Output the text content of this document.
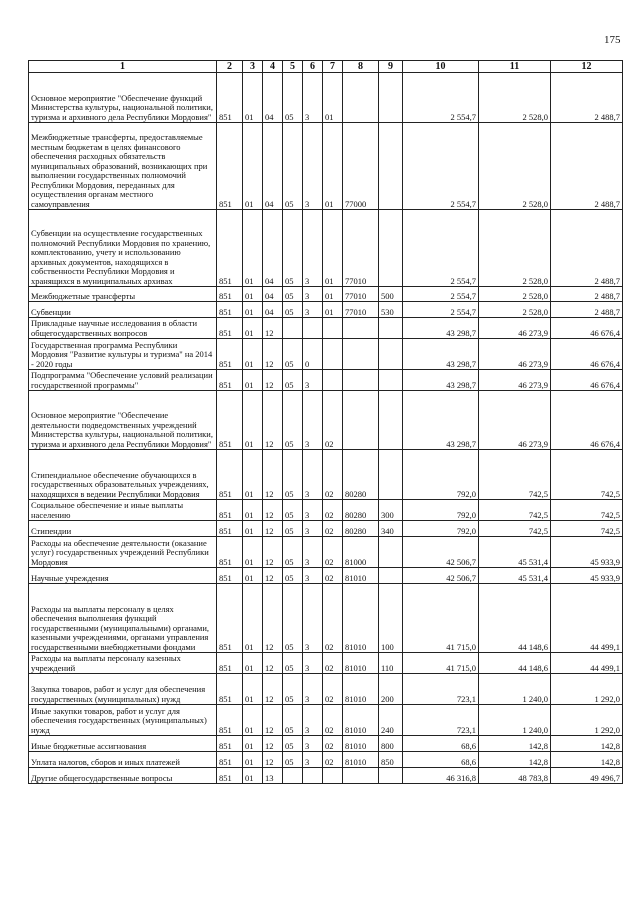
175
1	2	3	4	5	6	7	8	9	10	11	12
Основное мероприятие "Обеспечение функций Министерства культуры, национальной политики, туризма и архивного дела Республики Мордовия"	851	01	04	05	3	01			2 554,7	2 528,0	2 488,7
Межбюджетные трансферты, предоставляемые местным бюджетам в целях финансового обеспечения расходных обязательств муниципальных образований, возникающих при выполнении государственных полномочий Республики Мордовия, переданных для осуществления органам местного самоуправления	851	01	04	05	3	01	77000		2 554,7	2 528,0	2 488,7
Субвенции на осуществление государственных полномочий Республики Мордовия по хранению, комплектованию, учету и использованию архивных документов, находящихся в собственности Республики Мордовия и хранящихся в муниципальных архивах	851	01	04	05	3	01	77010		2 554,7	2 528,0	2 488,7
Межбюджетные трансферты	851	01	04	05	3	01	77010	500	2 554,7	2 528,0	2 488,7
Субвенции	851	01	04	05	3	01	77010	530	2 554,7	2 528,0	2 488,7
Прикладные научные исследования в области общегосударственных вопросов	851	01	12						43 298,7	46 273,9	46 676,4
Государственная программа Республики Мордовия "Развитие культуры и туризма" на 2014 - 2020 годы	851	01	12	05	0				43 298,7	46 273,9	46 676,4
Подпрограмма "Обеспечение условий реализации государственной программы"	851	01	12	05	3				43 298,7	46 273,9	46 676,4
Основное мероприятие "Обеспечение деятельности подведомственных учреждений Министерства культуры, национальной политики, туризма и архивного дела Республики Мордовия"	851	01	12	05	3	02			43 298,7	46 273,9	46 676,4
Стипендиальное обеспечение обучающихся в государственных образовательных учреждениях, находящихся в ведении Республики Мордовия	851	01	12	05	3	02	80280		792,0	742,5	742,5
Социальное обеспечение и иные выплаты населению	851	01	12	05	3	02	80280	300	792,0	742,5	742,5
Стипендии	851	01	12	05	3	02	80280	340	792,0	742,5	742,5
Расходы на обеспечение деятельности (оказание услуг) государственных учреждений Республики Мордовия	851	01	12	05	3	02	81000		42 506,7	45 531,4	45 933,9
Научные учреждения	851	01	12	05	3	02	81010		42 506,7	45 531,4	45 933,9
Расходы на выплаты персоналу в целях обеспечения выполнения функций государственными (муниципальными) органами, казенными учреждениями, органами управления государственными внебюджетными фондами	851	01	12	05	3	02	81010	100	41 715,0	44 148,6	44 499,1
Расходы на выплаты персоналу казенных учреждений	851	01	12	05	3	02	81010	110	41 715,0	44 148,6	44 499,1
Закупка товаров, работ и услуг для обеспечения государственных (муниципальных) нужд	851	01	12	05	3	02	81010	200	723,1	1 240,0	1 292,0
Иные закупки товаров, работ и услуг для обеспечения государственных (муниципальных) нужд	851	01	12	05	3	02	81010	240	723,1	1 240,0	1 292,0
Иные бюджетные ассигнования	851	01	12	05	3	02	81010	800	68,6	142,8	142,8
Уплата налогов, сборов и иных платежей	851	01	12	05	3	02	81010	850	68,6	142,8	142,8
Другие общегосударственные вопросы	851	01	13						46 316,8	48 783,8	49 496,7
